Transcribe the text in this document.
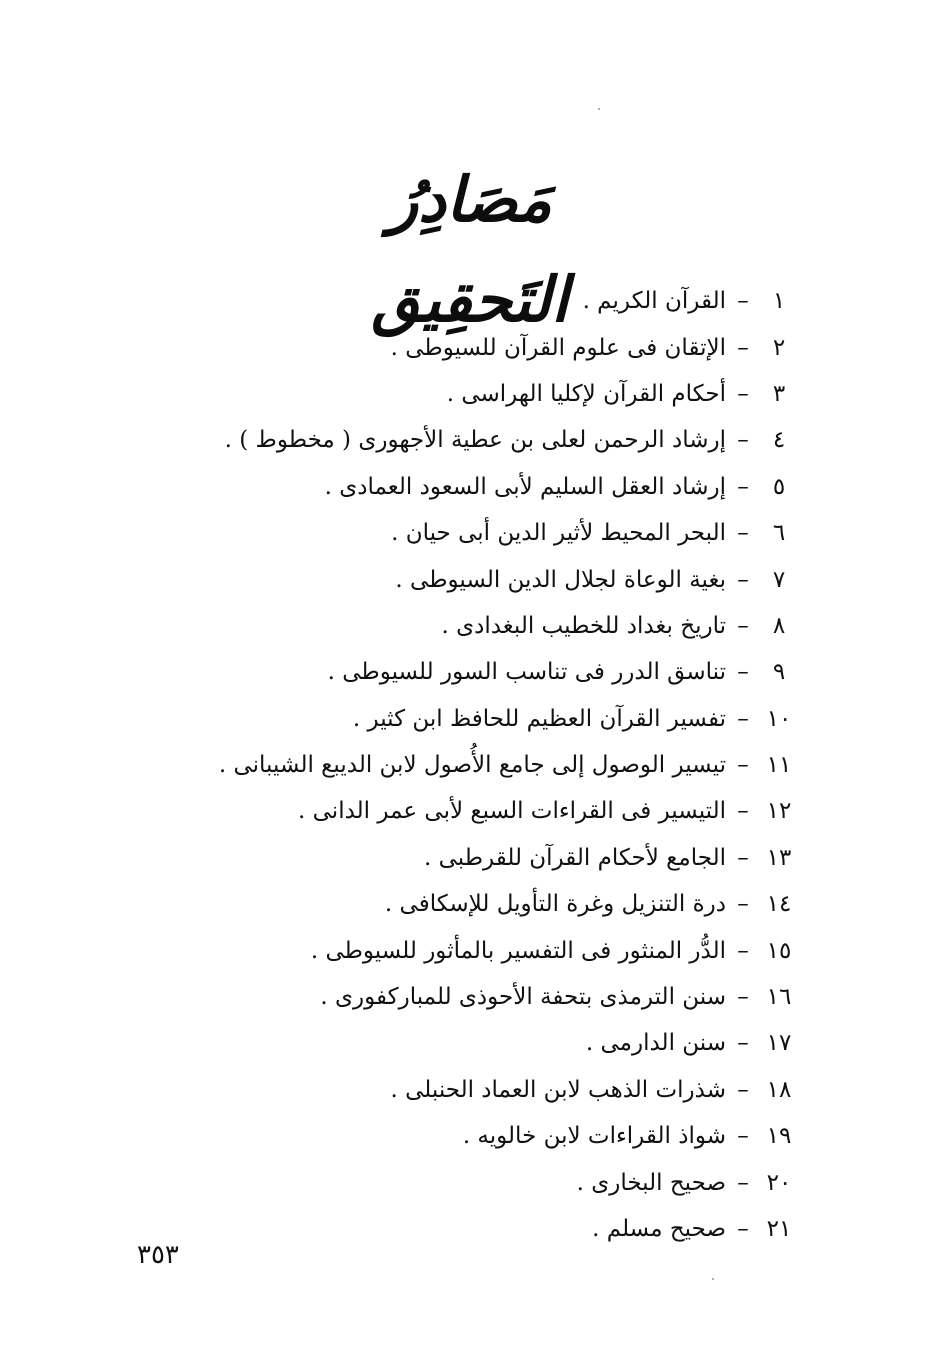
مَصَادِرُ التَحقِيق	١
–
القرآن الكريم .
٢
–
الإتقان فى علوم القرآن للسيوطى .
٣
–
أحكام القرآن لإكليا الهراسى .
٤
–
إرشاد الرحمن لعلى بن عطية الأجهورى ( مخطوط ) .
٥
–
إرشاد العقل السليم لأبى السعود العمادى .
٦
–
البحر المحيط لأثير الدين أبى حيان .
٧
–
بغية الوعاة لجلال الدين السيوطى .
٨
–
تاريخ بغداد للخطيب البغدادى .
٩
–
تناسق الدرر فى تناسب السور للسيوطى .
١٠
–
تفسير القرآن العظيم للحافظ ابن كثير .
١١
–
تيسير الوصول إلى جامع الأُصول لابن الديبع الشيبانى .
١٢
–
التيسير فى القراءات السبع لأبى عمر الدانى .
١٣
–
الجامع لأحكام القرآن للقرطبى .
١٤
–
درة التنزيل وغرة التأويل للإسكافى .
١٥
–
الدُّر المنثور فى التفسير بالمأثور للسيوطى .
١٦
–
سنن الترمذى بتحفة الأحوذى للمباركفورى .
١٧
–
سنن الدارمى .
١٨
–
شذرات الذهب لابن العماد الحنبلى .
١٩
–
شواذ القراءات لابن خالويه .
٢٠
–
صحيح البخارى .
٢١
–
صحيح مسلم .
٣٥٣
